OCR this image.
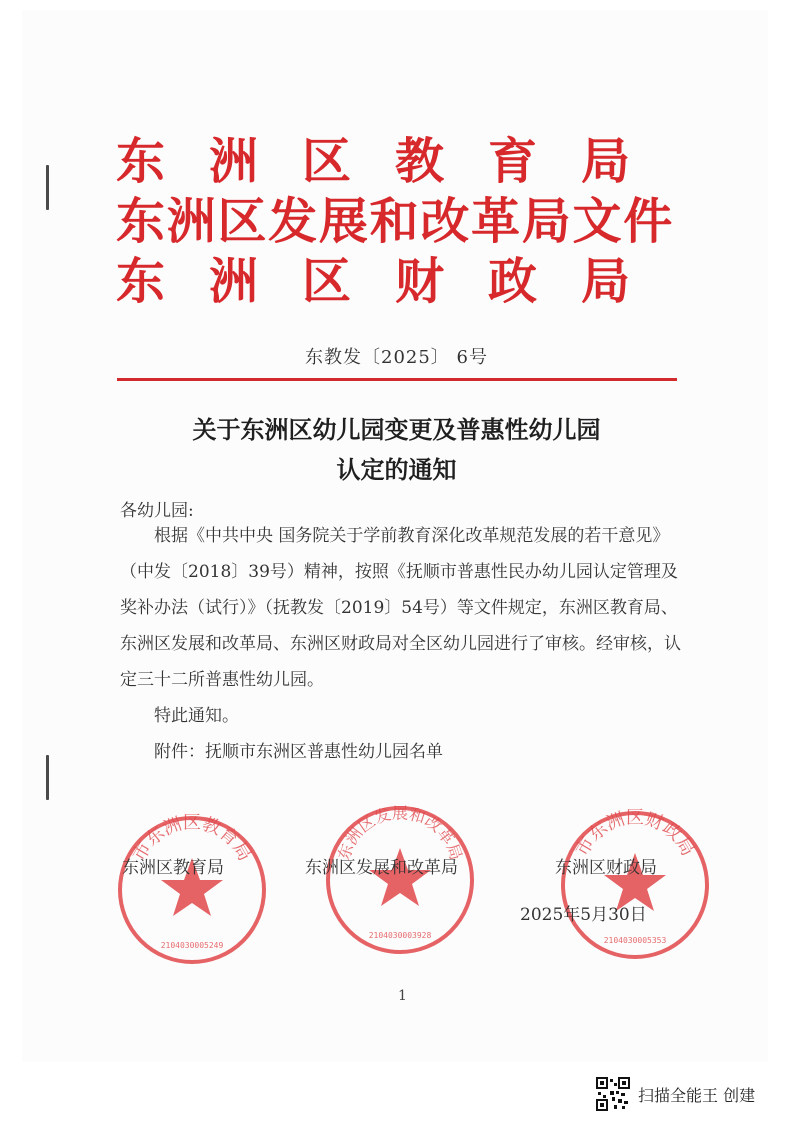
东 洲 区 教 育 局
东洲区发展和改革局文件
东 洲 区 财 政 局
东教发〔2025〕 6号
关于东洲区幼儿园变更及普惠性幼儿园
认定的通知
各幼儿园:

根据《中共中央 国务院关于学前教育深化改革规范发展的若干意见》（中发〔2018〕39号）精神，按照《抚顺市普惠性民办幼儿园认定管理及奖补办法（试行）》（抚教发〔2019〕54号）等文件规定，东洲区教育局、东洲区发展和改革局、东洲区财政局对全区幼儿园进行了审核。经审核，认定三十二所普惠性幼儿园。

特此通知。

附件：抚顺市东洲区普惠性幼儿园名单

市东洲区教育局
2104030005249
东洲区发展和改革局
2104030003928
市东洲区财政局
2104030005353
东洲区教育局	东洲区发展和改革局	东洲区财政局
2025年5月30日
1
扫描全能王 创建
